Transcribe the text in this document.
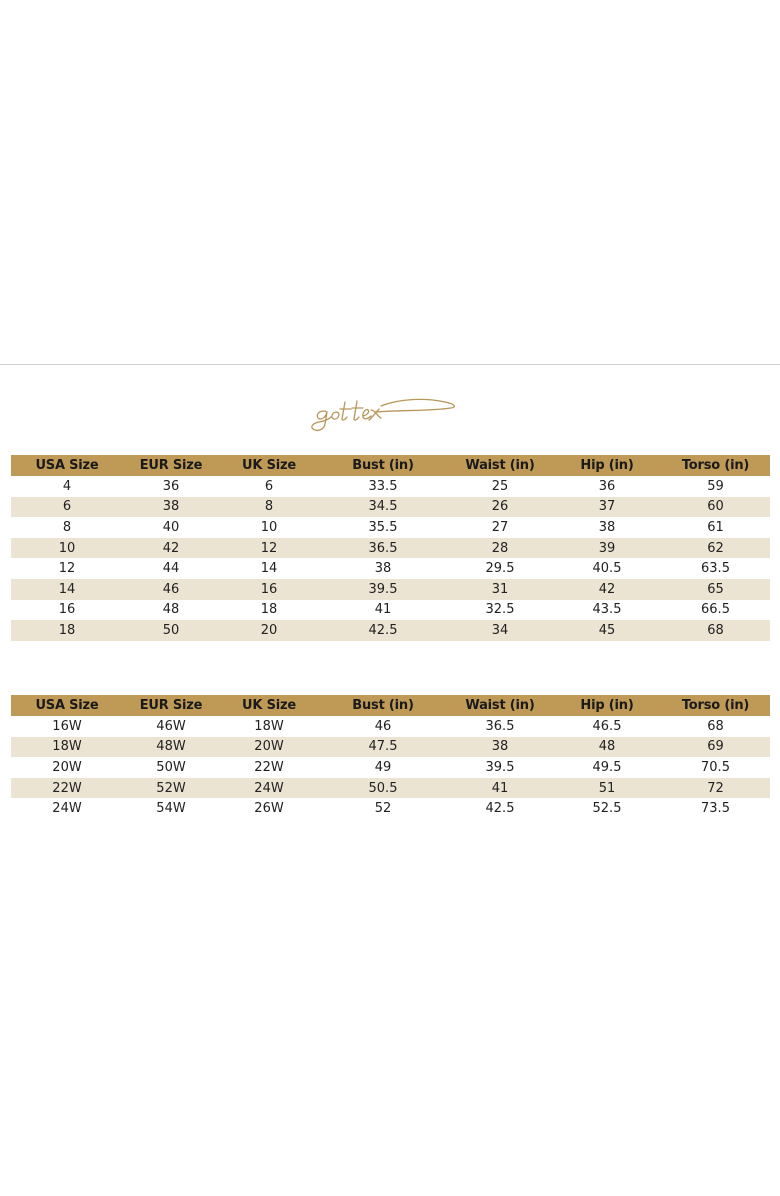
USA Size	EUR Size	UK Size	Bust (in)	Waist (in)	Hip (in)	Torso (in)
4	36	6	33.5	25	36	59
6	38	8	34.5	26	37	60
8	40	10	35.5	27	38	61
10	42	12	36.5	28	39	62
12	44	14	38	29.5	40.5	63.5
14	46	16	39.5	31	42	65
16	48	18	41	32.5	43.5	66.5
18	50	20	42.5	34	45	68
USA Size	EUR Size	UK Size	Bust (in)	Waist (in)	Hip (in)	Torso (in)
16W	46W	18W	46	36.5	46.5	68
18W	48W	20W	47.5	38	48	69
20W	50W	22W	49	39.5	49.5	70.5
22W	52W	24W	50.5	41	51	72
24W	54W	26W	52	42.5	52.5	73.5
